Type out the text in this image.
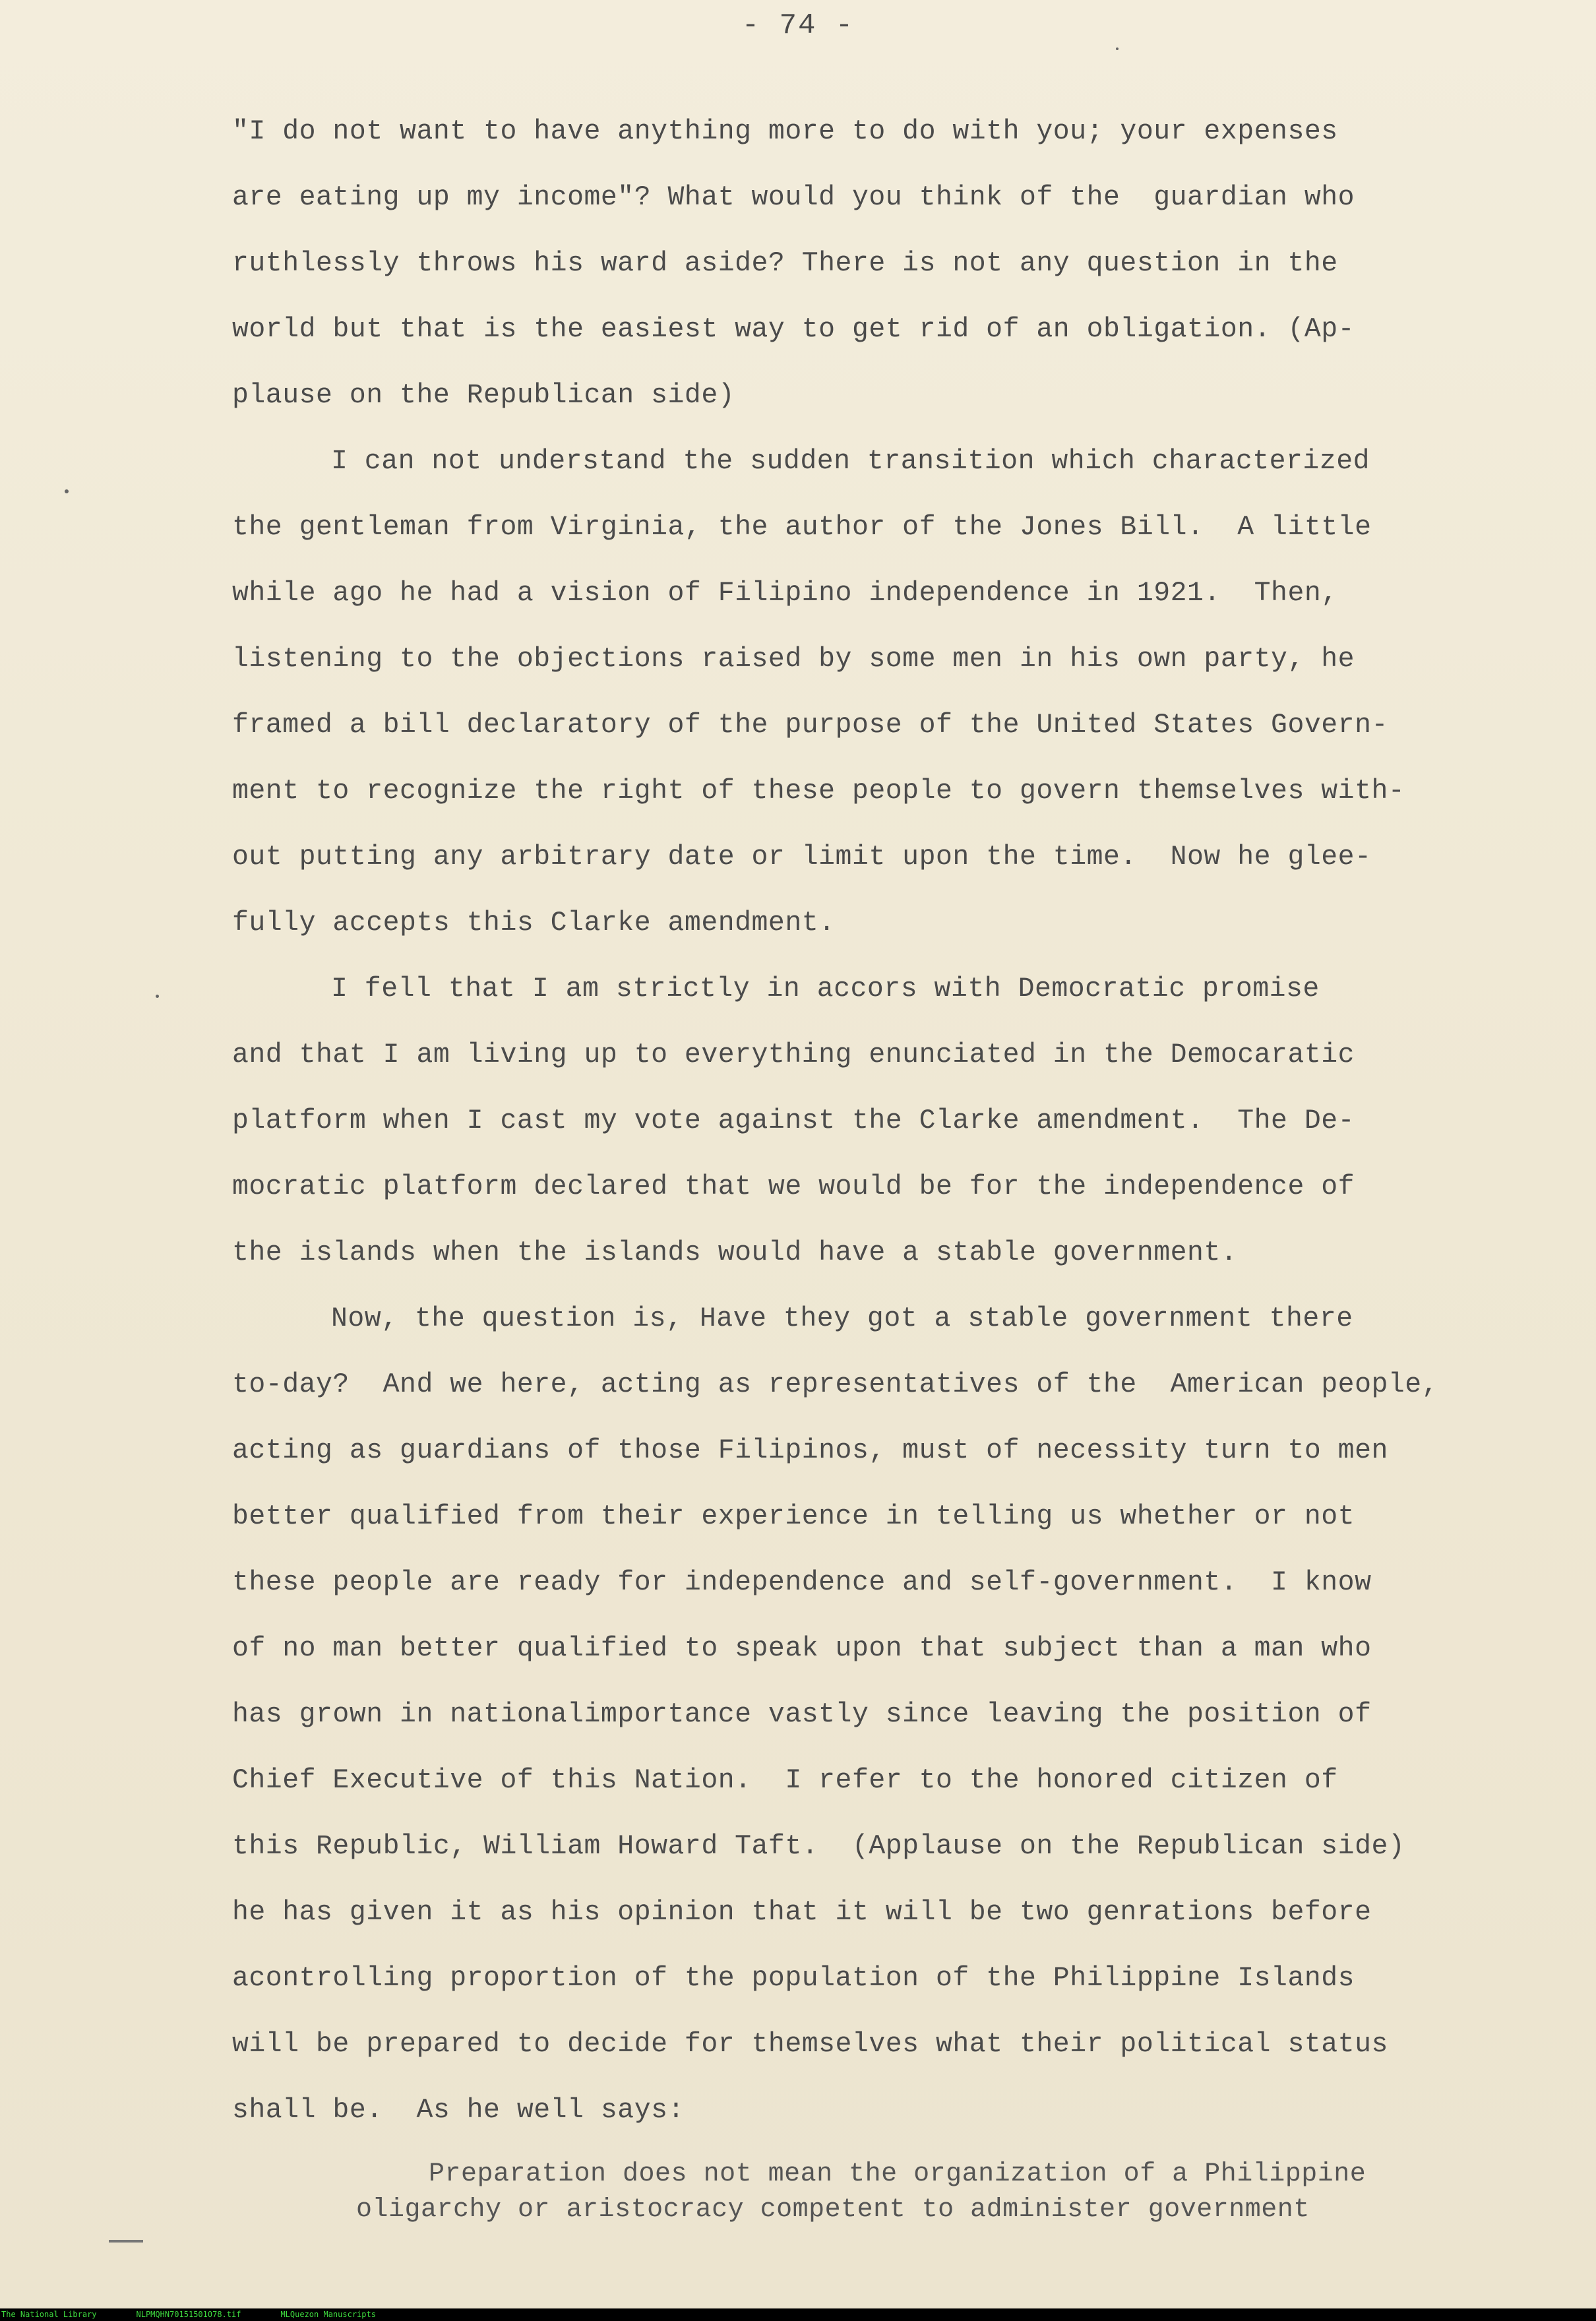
- 74 -
"I do not want to have anything more to do with you; your expenses
are eating up my income"? What would you think of the  guardian who
ruthlessly throws his ward aside? There is not any question in the
world but that is the easiest way to get rid of an obligation. (Ap-
plause on the Republican side)
I can not understand the sudden transition which characterized
the gentleman from Virginia, the author of the Jones Bill.  A little
while ago he had a vision of Filipino independence in 1921.  Then,
listening to the objections raised by some men in his own party, he
framed a bill declaratory of the purpose of the United States Govern-
ment to recognize the right of these people to govern themselves with-
out putting any arbitrary date or limit upon the time.  Now he glee-
fully accepts this Clarke amendment.
I fell that I am strictly in accors with Democratic promise
and that I am living up to everything enunciated in the Democaratic
platform when I cast my vote against the Clarke amendment.  The De-
mocratic platform declared that we would be for the independence of
the islands when the islands would have a stable government.
Now, the question is, Have they got a stable government there
to-day?  And we here, acting as representatives of the  American people,
acting as guardians of those Filipinos, must of necessity turn to men
better qualified from their experience in telling us whether or not
these people are ready for independence and self-government.  I know
of no man better qualified to speak upon that subject than a man who
has grown in nationalimportance vastly since leaving the position of
Chief Executive of this Nation.  I refer to the honored citizen of
this Republic, William Howard Taft.  (Applause on the Republican side)
he has given it as his opinion that it will be two genrations before
acontrolling proportion of the population of the Philippine Islands
will be prepared to decide for themselves what their political status
shall be.  As he well says:
Preparation does not mean the organization of a Philippine
oligarchy or aristocracy competent to administer government
The National Library	NLPMQHN70151501078.tif	MLQuezon Manuscripts
